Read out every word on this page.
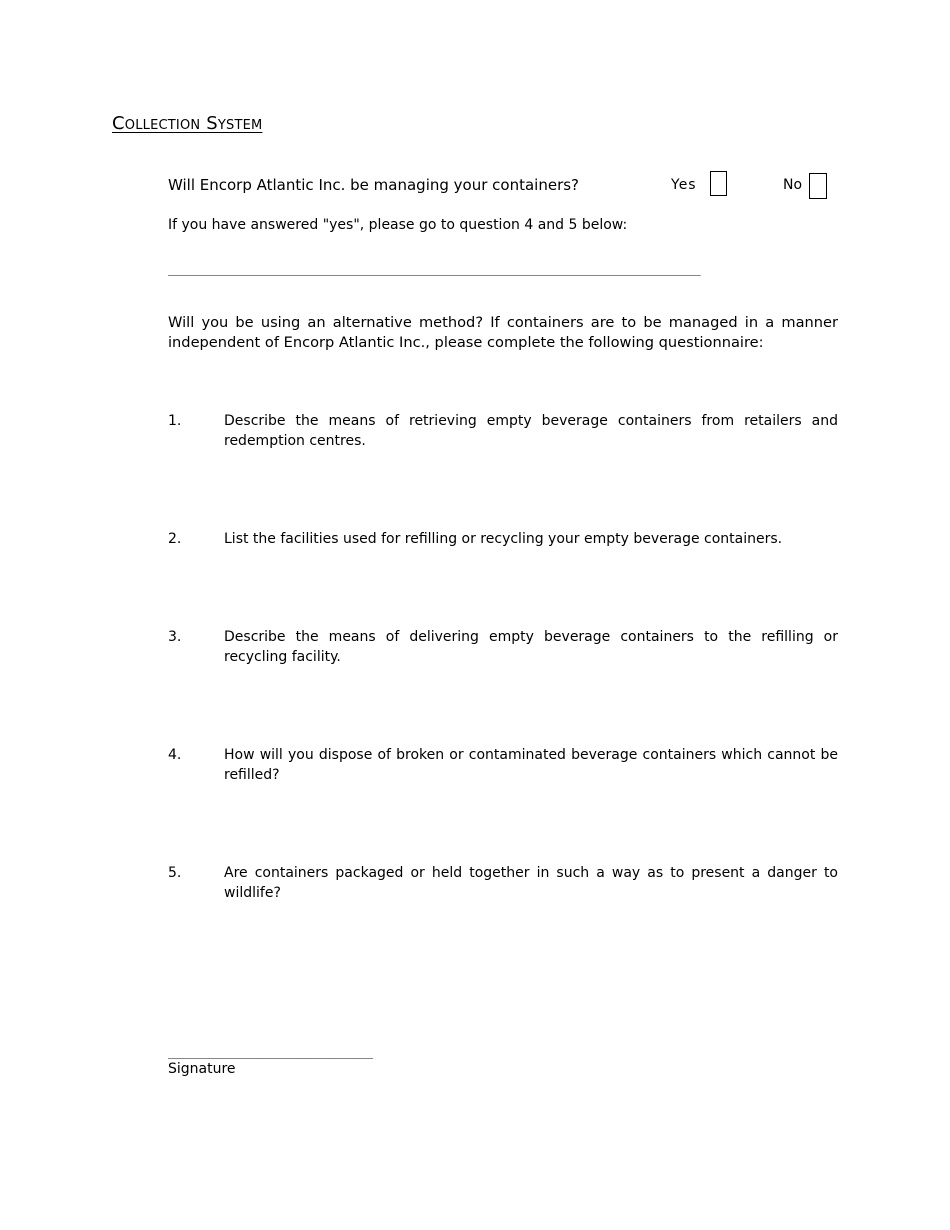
Collection System
Will Encorp Atlantic Inc. be managing your containers?	Yes	No
If you have answered "yes", please go to question 4 and 5 below:
______________________________________________________________________________
Will you be using an alternative method? If containers are to be managed in a manner independent of Encorp Atlantic Inc., please complete the following questionnaire:
1.	Describe the means of retrieving empty beverage containers from retailers and redemption centres.
2.	List the facilities used for refilling or recycling your empty beverage containers.
3.	Describe the means of delivering empty beverage containers to the refilling or recycling facility.
4.	How will you dispose of broken or contaminated beverage containers which cannot be refilled?
5.	Are containers packaged or held together in such a way as to present a danger to wildlife?
______________________________
Signature
